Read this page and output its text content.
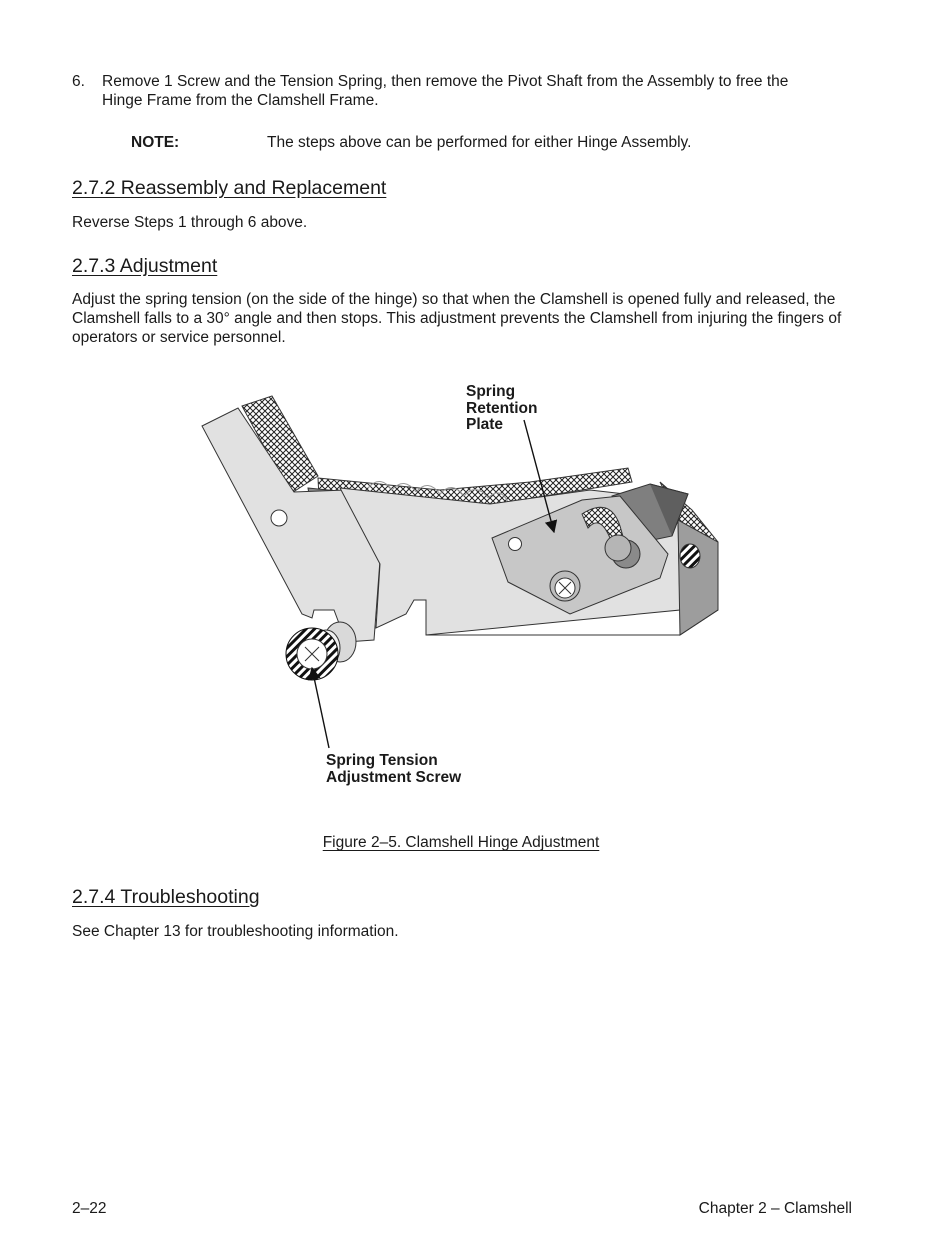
6. Remove 1 Screw and the Tension Spring, then remove the Pivot Shaft from the Assembly to free the Hinge Frame from the Clamshell Frame.
NOTE:	The steps above can be performed for either Hinge Assembly.
2.7.2 Reassembly and Replacement
Reverse Steps 1 through 6 above.
2.7.3 Adjustment
Adjust the spring tension (on the side of the hinge) so that when the Clamshell is opened fully and released, the Clamshell falls to a 30° angle and then stops. This adjustment prevents the Clamshell from injuring the fingers of operators or service personnel.
Spring
Retention
Plate
Spring Tension
Adjustment Screw
Figure 2–5. Clamshell Hinge Adjustment
2.7.4 Troubleshooting
See Chapter 13 for troubleshooting information.
2–22	Chapter 2 – Clamshell
